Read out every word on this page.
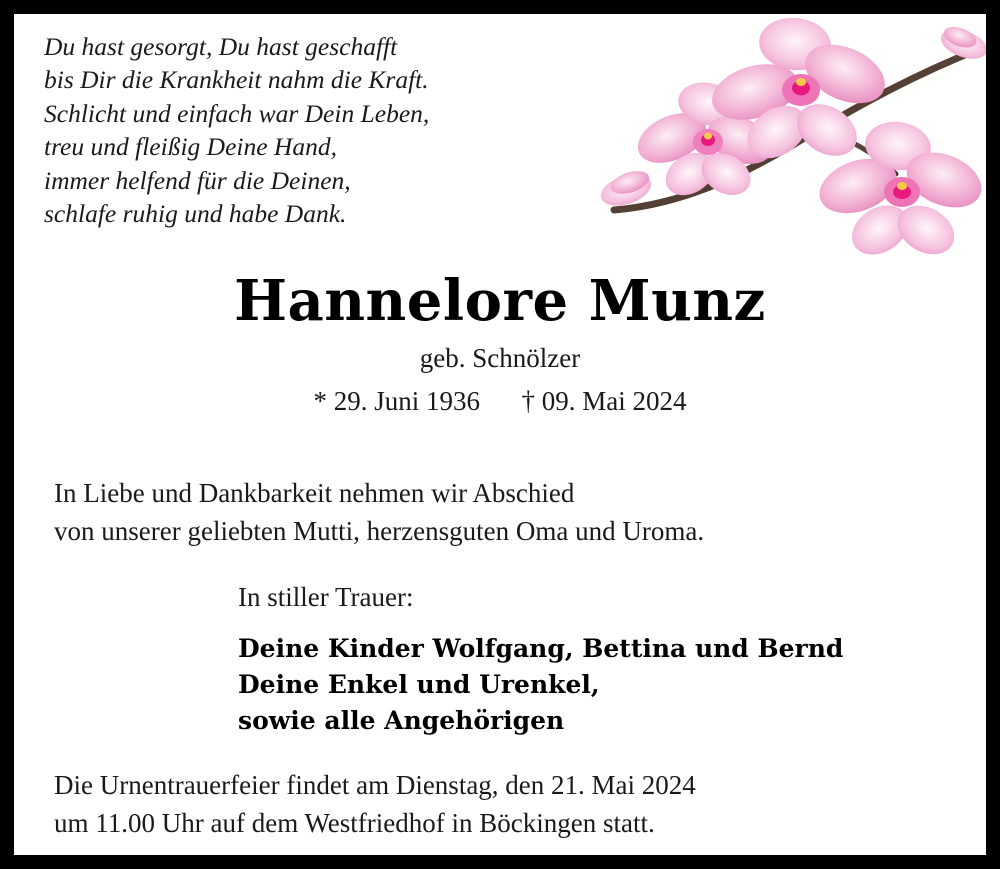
Du hast gesorgt, Du hast geschafft
bis Dir die Krankheit nahm die Kraft.
Schlicht und einfach war Dein Leben,
treu und fleißig Deine Hand,
immer helfend für die Deinen,
schlafe ruhig und habe Dank.
Hannelore Munz
geb. Schnölzer
* 29. Juni 1936 † 09. Mai 2024
In Liebe und Dankbarkeit nehmen wir Abschied
von unserer geliebten Mutti, herzensguten Oma und Uroma.
In stiller Trauer:
Deine Kinder Wolfgang, Bettina und Bernd
Deine Enkel und Urenkel,
sowie alle Angehörigen
Die Urnentrauerfeier findet am Dienstag, den 21. Mai 2024
um 11.00 Uhr auf dem Westfriedhof in Böckingen statt.
